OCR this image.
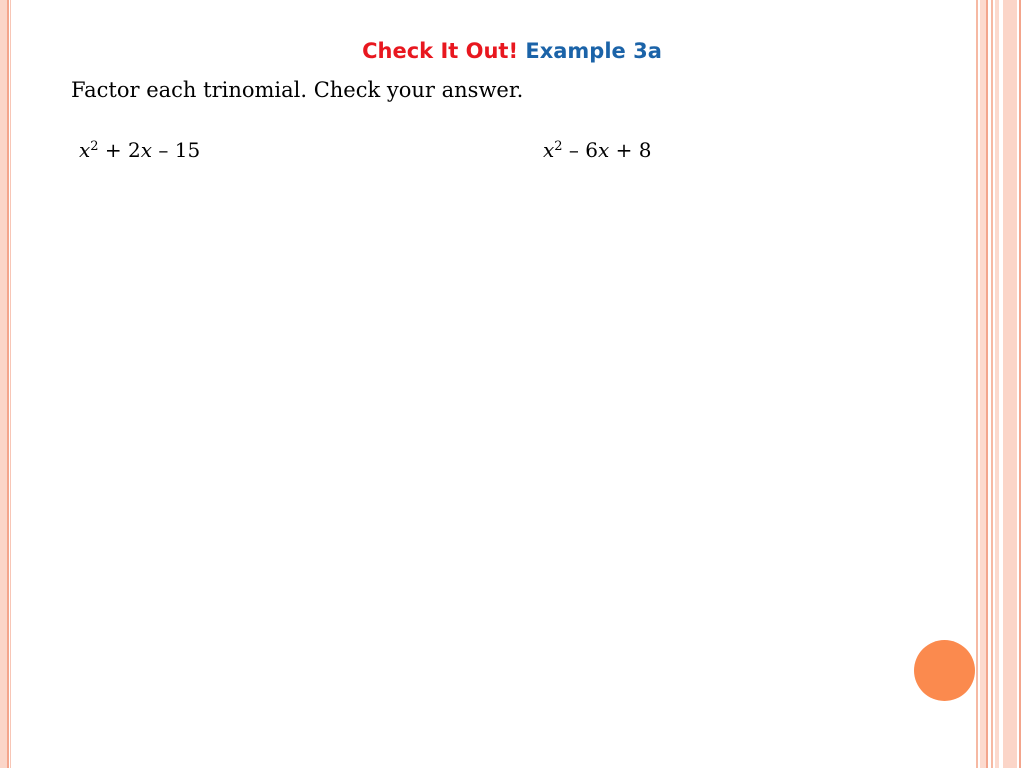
Check It Out! Example 3a

Factor each trinomial. Check your answer.

$x^2 + 2x - 15$	$x^2 - 6x + 8$
